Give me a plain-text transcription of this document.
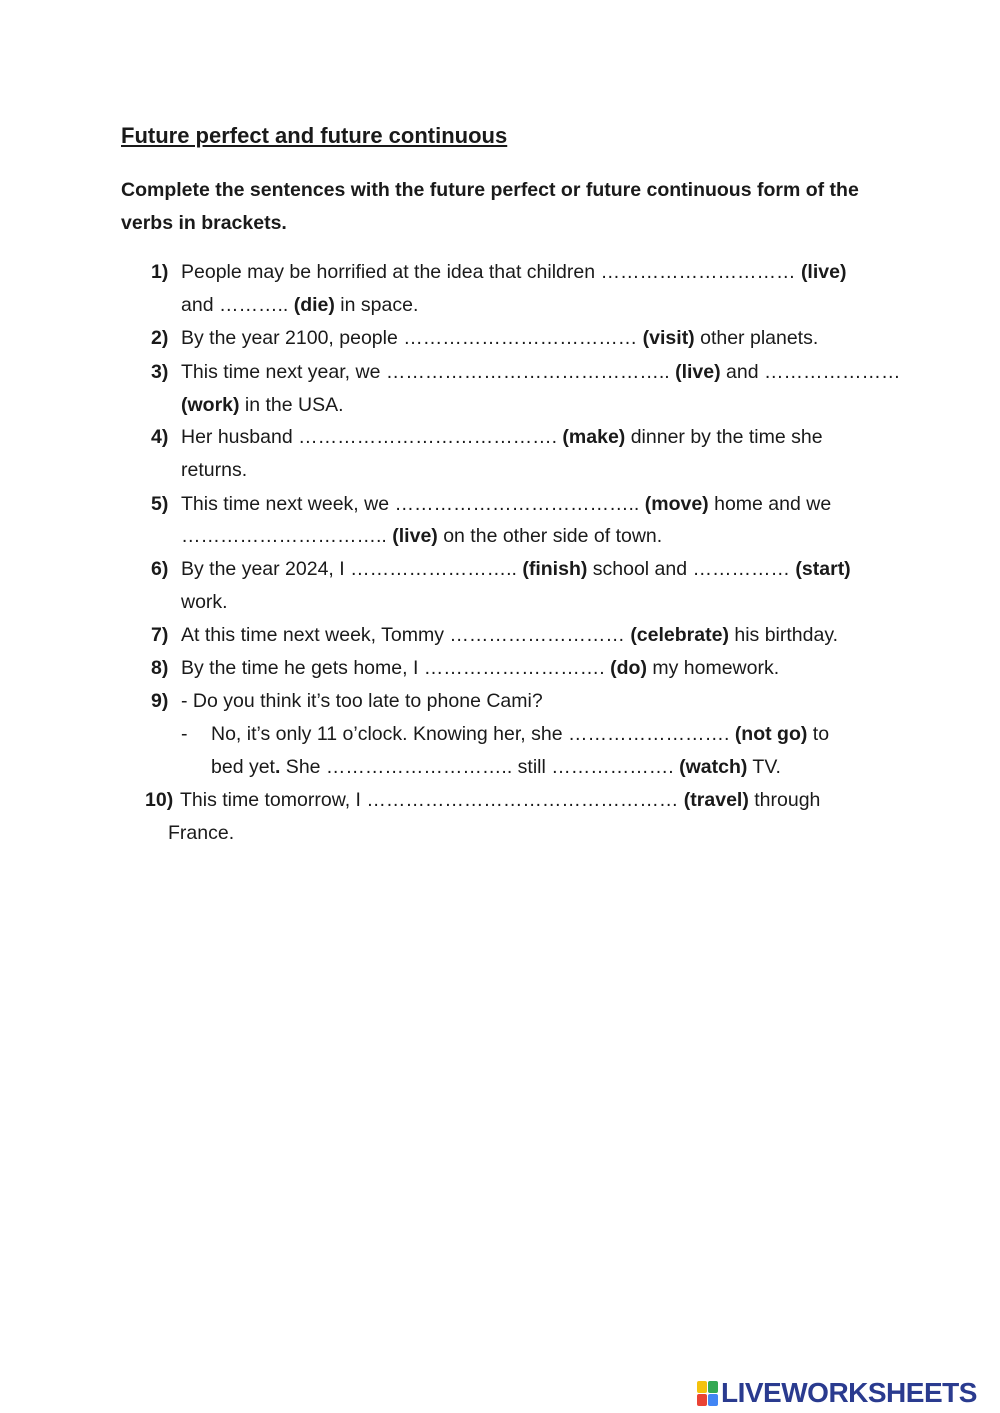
Future perfect and future continuous
Complete the sentences with the future perfect or future continuous form of the verbs in brackets.
1) People may be horrified at the idea that children ………………………… (live)
and ……….. (die) in space.
2) By the year 2100, people ……………………………… (visit) other planets.
3) This time next year, we …………………………………….. (live) and …………………
(work) in the USA.
4) Her husband …………………………………. (make) dinner by the time she
returns.
5) This time next week, we ……………………………….. (move) home and we
………………………….. (live) on the other side of town.
6) By the year 2024, I …………………….. (finish) school and …………… (start)
work.
7) At this time next week, Tommy ……………………… (celebrate) his birthday.
8) By the time he gets home, I ………………………. (do) my homework.
9) - Do you think it’s too late to phone Cami?
- No, it’s only 11 o’clock. Knowing her, she ……………………. (not go) to
bed yet. She ……………………….. still ………………. (watch) TV.
10) This time tomorrow, I ………………………………………… (travel) through
France.
LIVEWORKSHEETS
